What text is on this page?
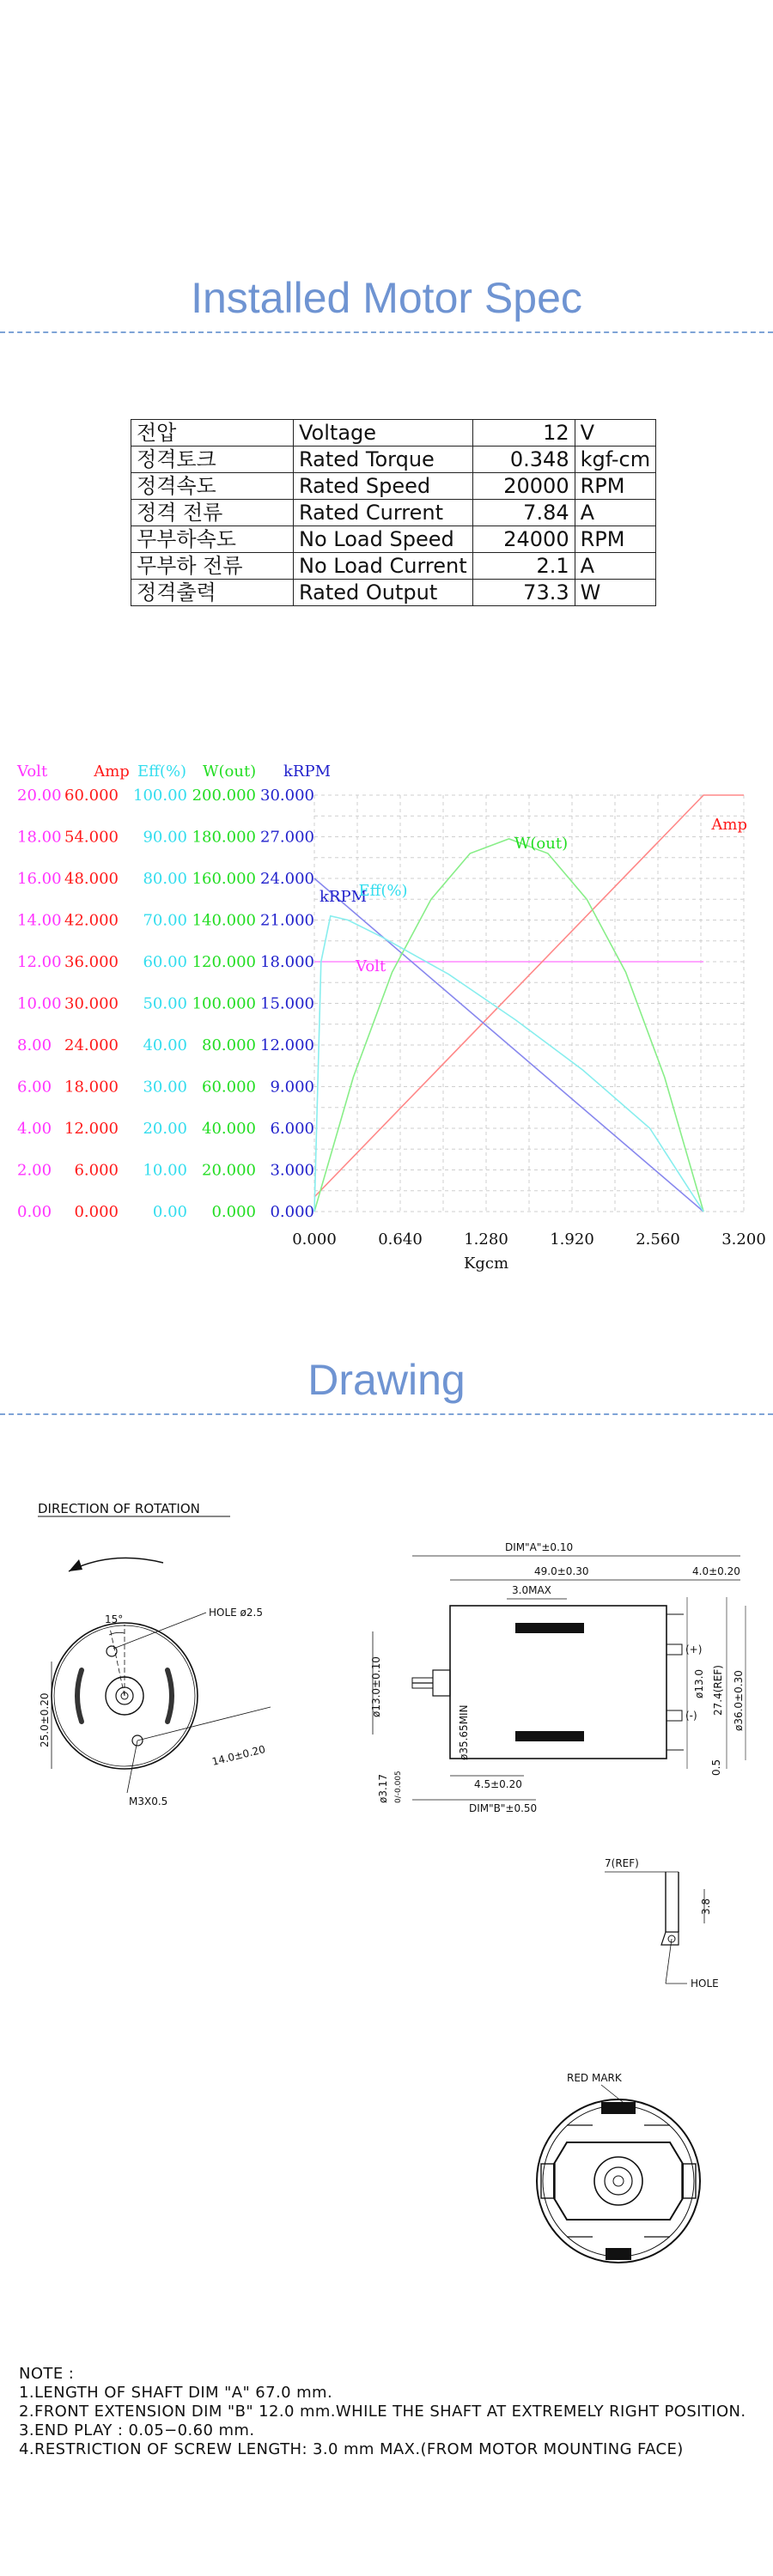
Installed Motor Spec
전압	Voltage	12	V
정격토크	Rated Torque	0.348	kgf-cm
정격속도	Rated Speed	20000	RPM
정격 전류	Rated Current	7.84	A
무부하속도	No Load Speed	24000	RPM
무부하 전류	No Load Current	2.1	A
정격출력	Rated Output	73.3	W
Volt
0.00
2.00
4.00
6.00
8.00
10.00
12.00
14.00
16.00
18.00
20.00
Amp
0.000
6.000
12.000
18.000
24.000
30.000
36.000
42.000
48.000
54.000
60.000
Eff(%)
0.00
10.00
20.00
30.00
40.00
50.00
60.00
70.00
80.00
90.00
100.00
W(out)
0.000
20.000
40.000
60.000
80.000
100.000
120.000
140.000
160.000
180.000
200.000
kRPM
0.000
3.000
6.000
9.000
12.000
15.000
18.000
21.000
24.000
27.000
30.000
0.000	0.640	1.280	1.920	2.560	3.200
Kgcm
Amp
W(out)
kRPM
Eff(%)
Volt
Drawing
DIRECTION OF ROTATION
15°
HOLE ø2.5
25.0±0.20
14.0±0.20
M3X0.5
DIM"A"±0.10
49.0±0.30	4.0±0.20
3.0MAX
ø13.0±0.10
ø35.65MIN
ø3.17 0/-0.005
(+)
(-)
ø13.0 27.4(REF) ø36.0±0.30
0.5
4.5±0.20
DIM"B"±0.50
7(REF)
3.8
HOLE
RED MARK
NOTE :
1.LENGTH OF SHAFT DIM "A" 67.0 mm.
2.FRONT EXTENSION DIM "B" 12.0 mm.WHILE THE SHAFT AT EXTREMELY RIGHT POSITION.
3.END PLAY : 0.05−0.60 mm.
4.RESTRICTION OF SCREW LENGTH: 3.0 mm MAX.(FROM MOTOR MOUNTING FACE)
